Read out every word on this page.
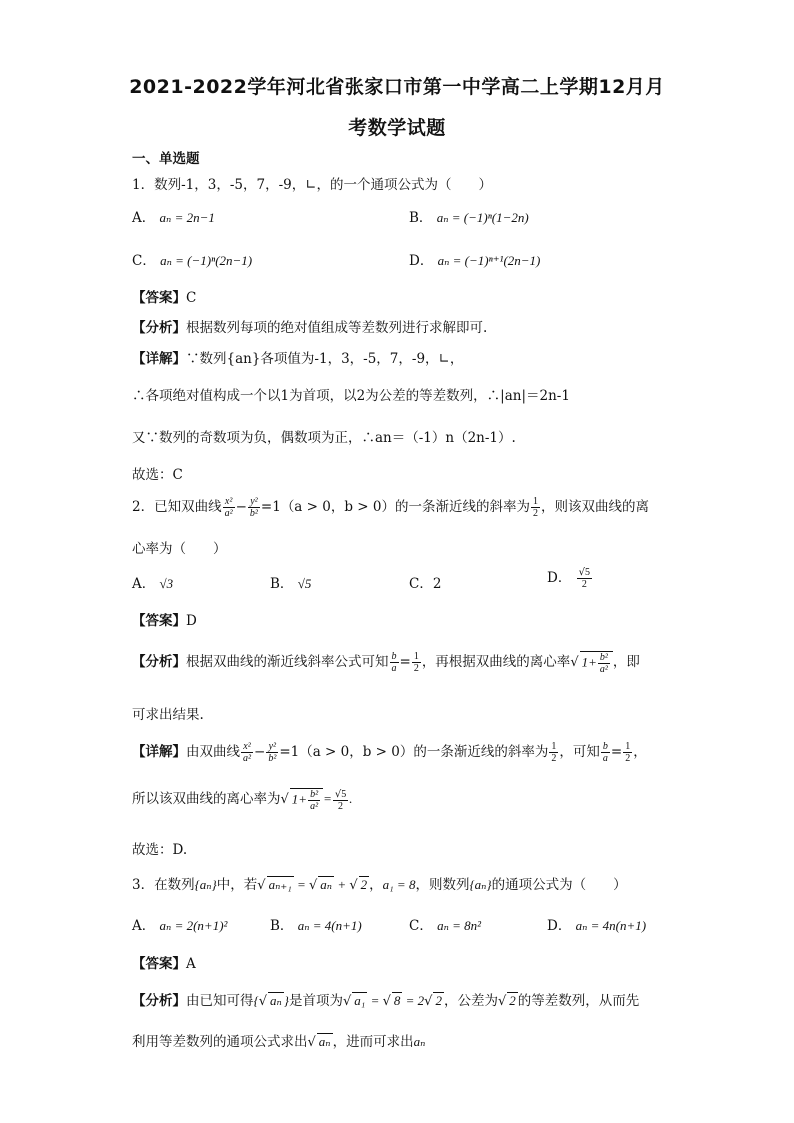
2021-2022学年河北省张家口市第一中学高二上学期12月月
考数学试题
一、单选题
1．数列-1，3，-5，7，-9，∟，的一个通项公式为（　　）
A． aₙ = 2n−1	B． aₙ = (−1)ⁿ(1−2n)
C． aₙ = (−1)ⁿ(2n−1)	D． aₙ = (−1)ⁿ⁺¹(2n−1)
【答案】C
【分析】根据数列每项的绝对值组成等差数列进行求解即可.
【详解】∵数列{an}各项值为-1，3，-5，7，-9，∟，
∴各项绝对值构成一个以1为首项，以2为公差的等差数列，∴|an|＝2n-1
又∵数列的奇数项为负，偶数项为正，∴an＝（-1）n（2n-1）.
故选：C
2．已知双曲线 $\frac{\text{x²}}{\text{a²}} - \frac{\text{y²}}{\text{b²}} =1(a > 0$，b > 0）的一条渐近线的斜率为 $\frac{1}{2}$ ，则该双曲线的离
心率为（　　）
A． √3	B． √5	C．2	D． $\frac{√5}{2}$
【答案】D
【分析】根据双曲线的渐近线斜率公式可知 $\frac{b}{a} = \frac{1}{2}$ ，再根据双曲线的离心率√ $1+ \frac{\text{b²}}{\text{a²}}$ ，即
可求出结果.
【详解】由双曲线 $\frac{\text{x²}}{\text{a²}} - \frac{\text{y²}}{\text{b²}} =1(a > 0$，b > 0）的一条渐近线的斜率为 $\frac{1}{2}$ ，可知 $\frac{b}{a} = \frac{1}{2}$ ，
所以该双曲线的离心率为√ $1+ \frac{\text{b²}}{\text{a²}} = \frac{√5}{2}$ .
故选：D.
3．在数列{aₙ}中，若√ aₙ₊₁ = √ aₙ + √ 2 ，a₁ = 8，则数列{aₙ}的通项公式为（　　）
A． aₙ = 2(n+1)²	B． aₙ = 4(n+1)	C． aₙ = 8n²	D． aₙ = 4n(n+1)
【答案】A
【分析】由已知可得{√ aₙ }是首项为√ a₁ = √ 8 = 2√ 2 ，公差为√ 2 的等差数列，从而先
利用等差数列的通项公式求出√ aₙ ，进而可求出aₙ
